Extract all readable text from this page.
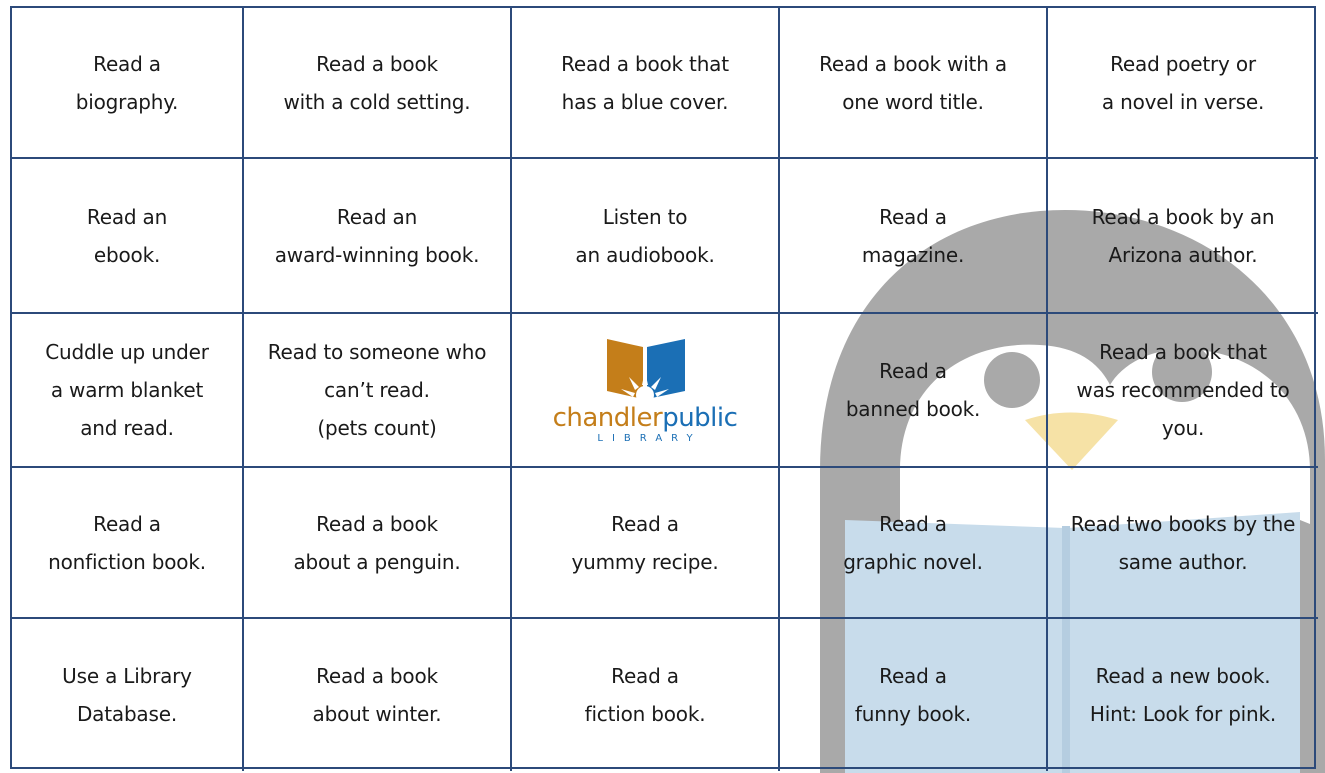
Read a
biography.
Read a book
with a cold setting.
Read a book that
has a blue cover.
Read a book with a
one word title.
Read poetry or
a novel in verse.
Read an
ebook.
Read an
award-winning book.
Listen to
an audiobook.
Read a
magazine.
Read a book by an
Arizona author.
Cuddle up under
a warm blanket
and read.
Read to someone who
can’t read.
(pets count)	chandlerpublic
LIBRARY
Read a
banned book.
Read a book that
was recommended to
you.
Read a
nonfiction book.
Read a book
about a penguin.
Read a
yummy recipe.
Read a
graphic novel.
Read two books by the
same author.
Use a Library
Database.
Read a book
about winter.
Read a
fiction book.
Read a
funny book.
Read a new book.
Hint: Look for pink.
